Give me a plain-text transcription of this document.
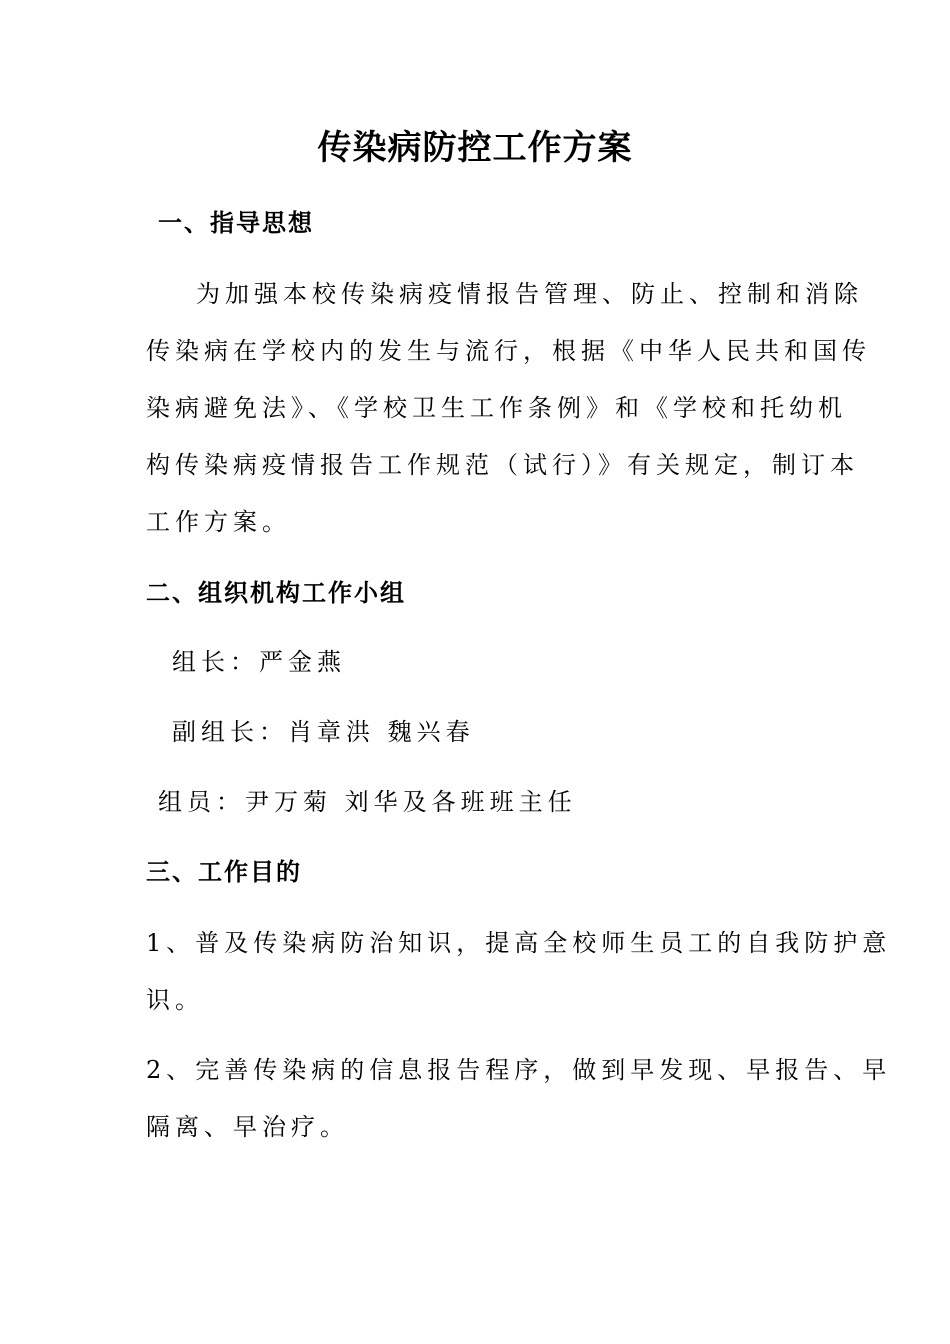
传染病防控工作方案
一、指导思想
为加强本校传染病疫情报告管理、防止、控制和消除
传染病在学校内的发生与流行，根据《中华人民共和国传
染病避免法》、《学校卫生工作条例》和《学校和托幼机
构传染病疫情报告工作规范（试行）》有关规定，制订本
工作方案。
二、组织机构工作小组

组长：严金燕

副组长：肖章洪 魏兴春

组员：尹万菊 刘华及各班班主任

三、工作目的
1、普及传染病防治知识，提高全校师生员工的自我防护意
识。
2、完善传染病的信息报告程序，做到早发现、早报告、早
隔离、早治疗。
